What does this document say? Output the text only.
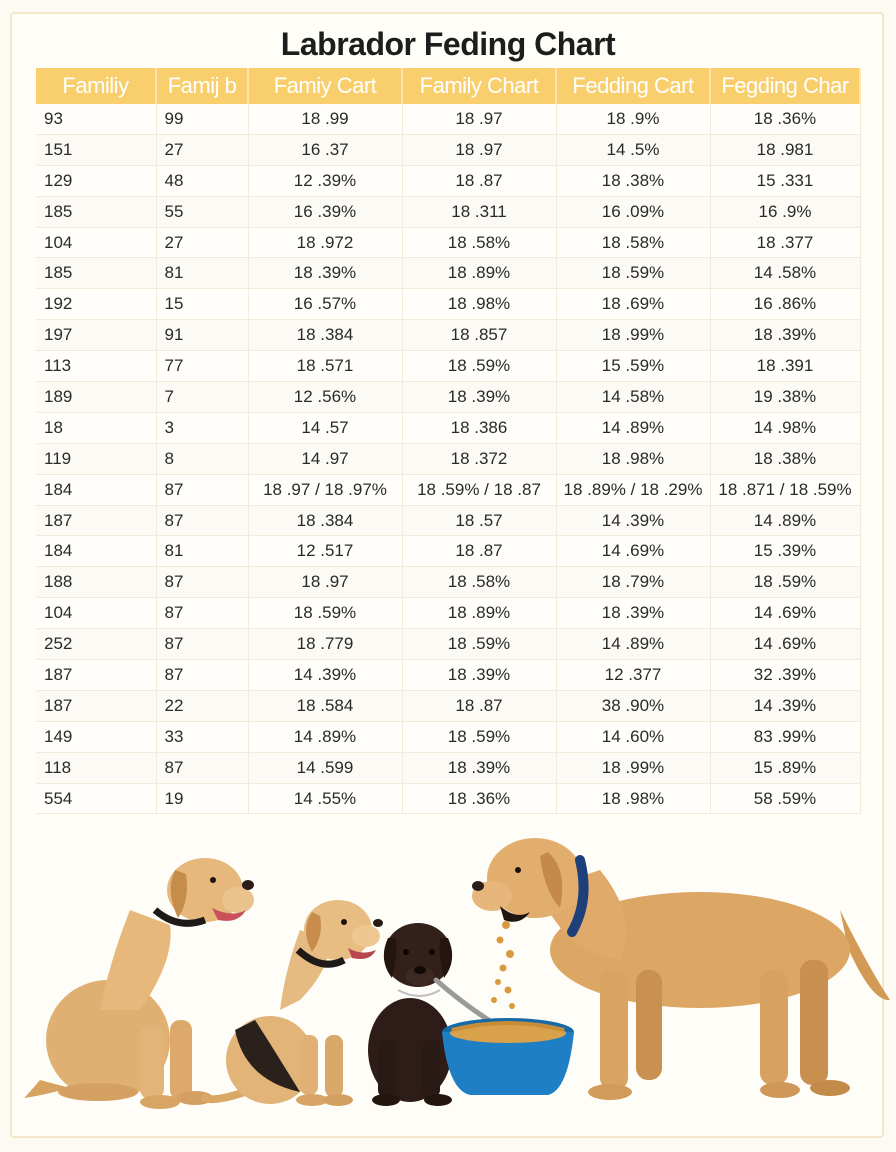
Labrador Feding Chart
Familiy	Famij b	Famiy Cart	Family Chart	Fedding Cart	Fegding Char
93	99	18 .99	18 .97	18 .9%	18 .36%
151	27	16 .37	18 .97	14 .5%	18 .981
129	48	12 .39%	18 .87	18 .38%	15 .331
185	55	16 .39%	18 .311	16 .09%	16 .9%
104	27	18 .972	18 .58%	18 .58%	18 .377
185	81	18 .39%	18 .89%	18 .59%	14 .58%
192	15	16 .57%	18 .98%	18 .69%	16 .86%
197	91	18 .384	18 .857	18 .99%	18 .39%
113	77	18 .571	18 .59%	15 .59%	18 .391
189	7	12 .56%	18 .39%	14 .58%	19 .38%
18	3	14 .57	18 .386	14 .89%	14 .98%
119	8	14 .97	18 .372	18 .98%	18 .38%
184	87	18 .97 / 18 .97%	18 .59% / 18 .87	18 .89% / 18 .29%	18 .871 / 18 .59%
187	87	18 .384	18 .57	14 .39%	14 .89%
184	81	12 .517	18 .87	14 .69%	15 .39%
188	87	18 .97	18 .58%	18 .79%	18 .59%
104	87	18 .59%	18 .89%	18 .39%	14 .69%
252	87	18 .779	18 .59%	14 .89%	14 .69%
187	87	14 .39%	18 .39%	12 .377	32 .39%
187	22	18 .584	18 .87	38 .90%	14 .39%
149	33	14 .89%	18 .59%	14 .60%	83 .99%
118	87	14 .599	18 .39%	18 .99%	15 .89%
554	19	14 .55%	18 .36%	18 .98%	58 .59%
